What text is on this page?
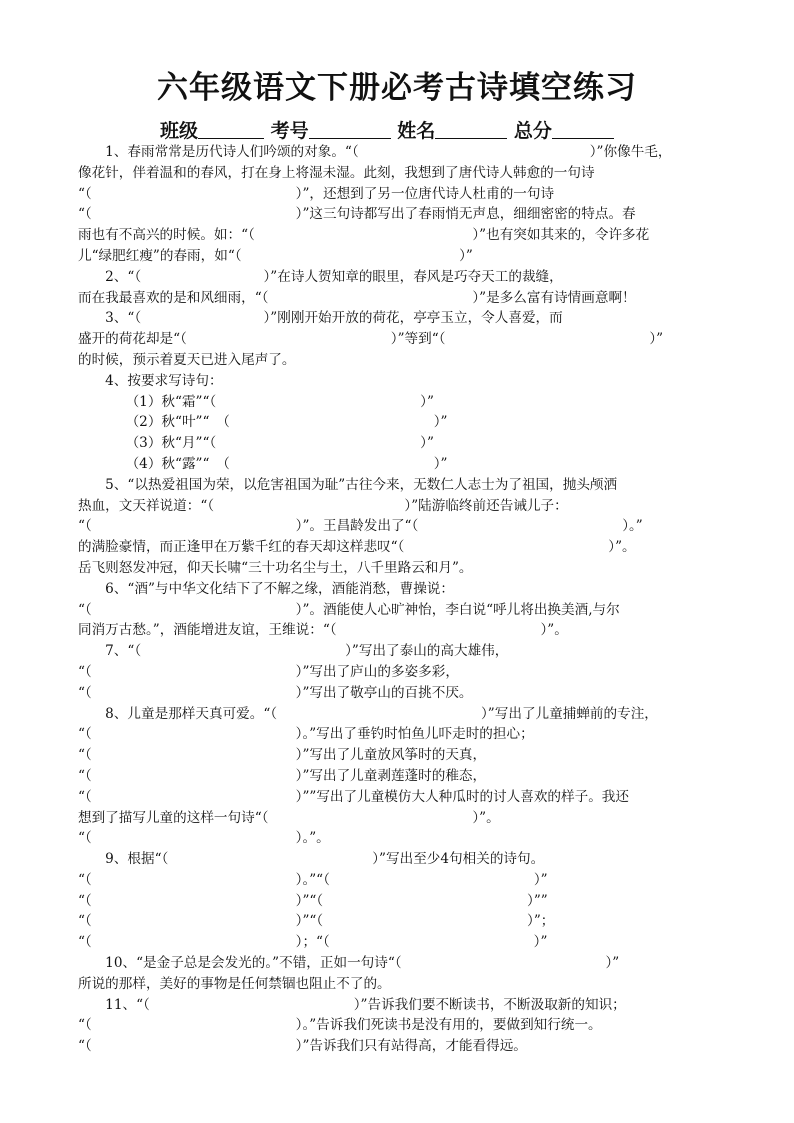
六年级语文下册必考古诗填空练习
班级	考号	姓名	总分
　　1、春雨常常是历代诗人们吟颂的对象。“（　　　　　　　　　　　　　　　　　）”你像牛毛，
像花针，伴着温和的春风，打在身上将湿未湿。此刻，我想到了唐代诗人韩愈的一句诗
“（　　　　　　　　　　　　　　　）”，还想到了另一位唐代诗人杜甫的一句诗
“（　　　　　　　　　　　　　　　）”这三句诗都写出了春雨悄无声息，细细密密的特点。春
雨也有不高兴的时候。如：“（　　　　　　　　　　　　　　　　）”也有突如其来的，令许多花
儿“绿肥红瘦”的春雨，如“（　　　　　　　　　　　　　　　　）”
　　2、“（　　　　　　　　　）”在诗人贺知章的眼里，春风是巧夺天工的裁缝，
而在我最喜欢的是和风细雨，“（　　　　　　　　　　　　　　　）”是多么富有诗情画意啊！
　　3、“（　　　　　　　　　）”刚刚开始开放的荷花，亭亭玉立，令人喜爱，而
盛开的荷花却是“（　　　　　　　　　　　　　　　）”等到“（　　　　　　　　　　　　　　　）”
的时候，预示着夏天已进入尾声了。
　　4、按要求写诗句：
　　　　（1）秋“霜”“（　　　　　　　　　　　　　　　）”
　　　　（2）秋“叶”“　（　　　　　　　　　　　　　　　）”
　　　　（3）秋“月”“（　　　　　　　　　　　　　　　）”
　　　　（4）秋“露”“　（　　　　　　　　　　　　　　　）”
　　5、“以热爱祖国为荣，以危害祖国为耻”古往今来，无数仁人志士为了祖国，抛头颅洒
热血，文天祥说道：“（　　　　　　　　　　　　　　）”陆游临终前还告诫儿子：
“（　　　　　　　　　　　　　　　）”。王昌龄发出了“（　　　　　　　　　　　　　　　）。”
的满脸豪情，而正逢甲在万紫千红的春天却这样悲叹“（　　　　　　　　　　　　　　　）”。
岳飞则怒发冲冠，仰天长啸“三十功名尘与土，八千里路云和月”。
　　6、“酒”与中华文化结下了不解之缘，酒能消愁，曹操说：
“（　　　　　　　　　　　　　　　）”。酒能使人心旷神怡，李白说“呼儿将出换美酒,与尔
同消万古愁。”，酒能增进友谊，王维说：“（　　　　　　　　　　　　　　　）”。
　　7、“（　　　　　　　　　　　　　　　）”写出了泰山的高大雄伟，
“（　　　　　　　　　　　　　　　）”写出了庐山的多姿多彩，
“（　　　　　　　　　　　　　　　）”写出了敬亭山的百挑不厌。
　　8、儿童是那样天真可爱。“（　　　　　　　　　　　　　　　）”写出了儿童捕蝉前的专注，
“（　　　　　　　　　　　　　　　）。”写出了垂钓时怕鱼儿吓走时的担心；
“（　　　　　　　　　　　　　　　）”写出了儿童放风筝时的天真，
“（　　　　　　　　　　　　　　　）”写出了儿童剥莲蓬时的稚态，
“（　　　　　　　　　　　　　　　）””写出了儿童模仿大人种瓜时的讨人喜欢的样子。我还
想到了描写儿童的这样一句诗“（　　　　　　　　　　　　　　　）”。
“（　　　　　　　　　　　　　　　）。”。
　　9、根据“（　　　　　　　　　　　　　　　）”写出至少4句相关的诗句。
“（　　　　　　　　　　　　　　　）。”“（　　　　　　　　　　　　　　　）”
“（　　　　　　　　　　　　　　　）”“（　　　　　　　　　　　　　　　）””
“（　　　　　　　　　　　　　　　）”“（　　　　　　　　　　　　　　　）”；
“（　　　　　　　　　　　　　　　）；“（　　　　　　　　　　　　　　　）”
　　10、“是金子总是会发光的。”不错，正如一句诗“（　　　　　　　　　　　　　　　）”
所说的那样，美好的事物是任何禁锢也阻止不了的。
　　11、“（　　　　　　　　　　　　　　　）”告诉我们要不断读书，不断汲取新的知识；
“（　　　　　　　　　　　　　　　）。”告诉我们死读书是没有用的，要做到知行统一。
“（　　　　　　　　　　　　　　　）”告诉我们只有站得高，才能看得远。
